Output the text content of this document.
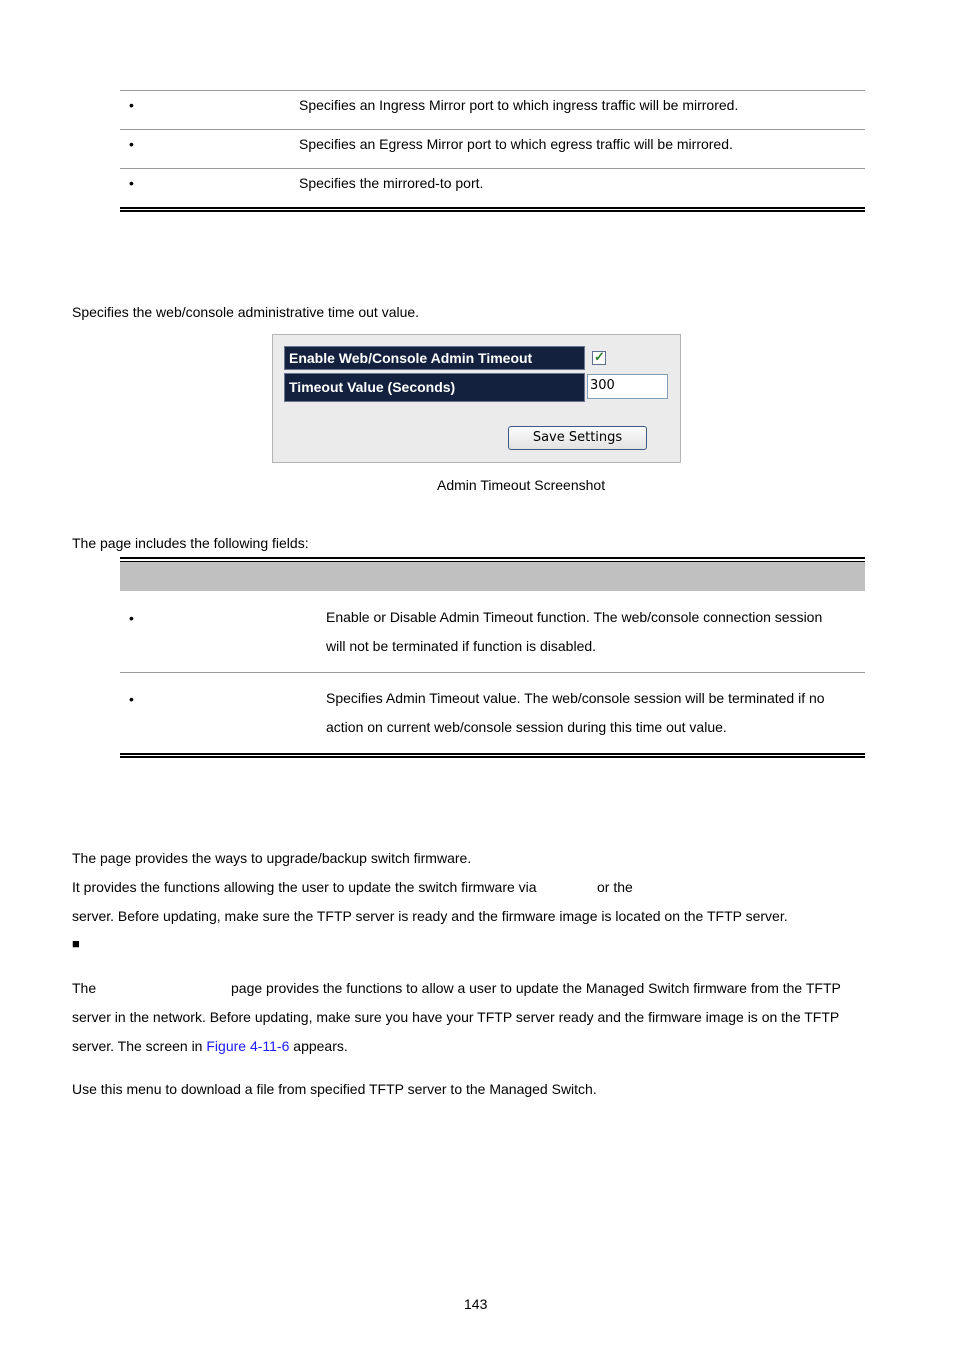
•	Specifies an Ingress Mirror port to which ingress traffic will be mirrored.
•	Specifies an Egress Mirror port to which egress traffic will be mirrored.
•	Specifies the mirrored-to port.
Specifies the web/console administrative time out value.
Enable Web/Console Admin Timeout	✓
Timeout Value (Seconds)	300
Save Settings
Admin Timeout Screenshot
The page includes the following fields:
•	Enable or Disable Admin Timeout function. The web/console connection session
will not be terminated if function is disabled.
•	Specifies Admin Timeout value. The web/console session will be terminated if no
action on current web/console session during this time out value.
The page provides the ways to upgrade/backup switch firmware.
It provides the functions allowing the user to update the switch firmware via	or the
server. Before updating, make sure the TFTP server is ready and the firmware image is located on the TFTP server.
■
The	page provides the functions to allow a user to update the Managed Switch firmware from the TFTP
server in the network. Before updating, make sure you have your TFTP server ready and the firmware image is on the TFTP
server. The screen in Figure 4-11-6 appears.
Use this menu to download a file from specified TFTP server to the Managed Switch.
143
